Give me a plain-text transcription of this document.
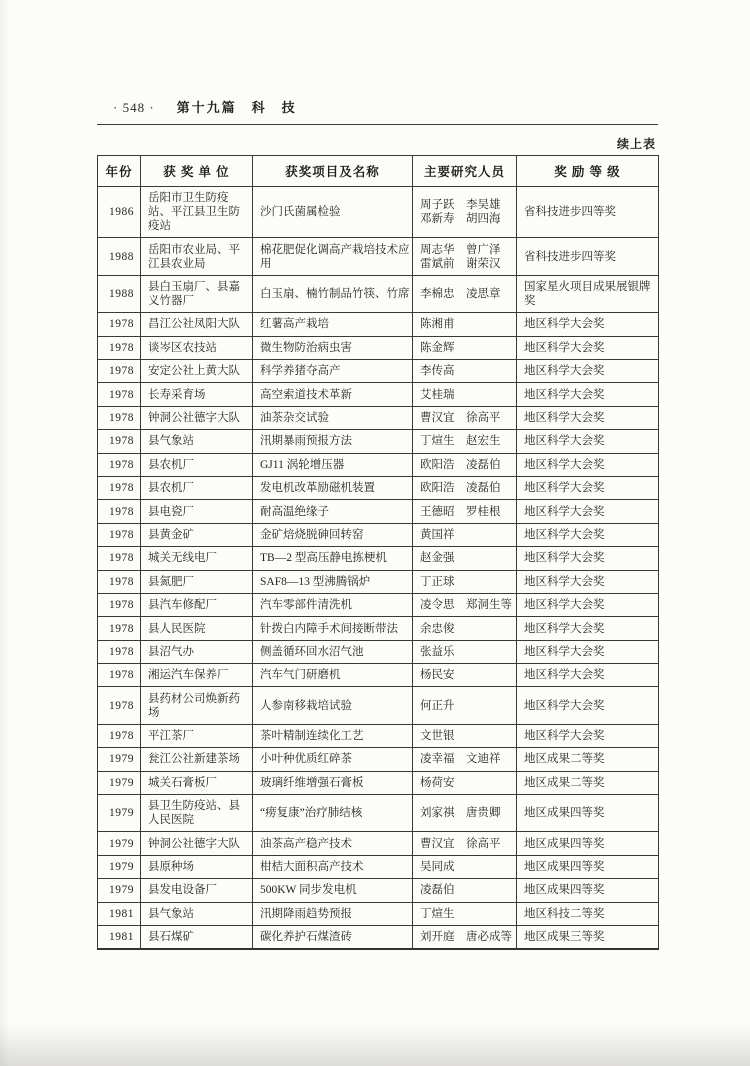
· 548 · 第十九篇　科　技
续上表
年份	获 奖 单 位	获奖项目及名称	主要研究人员	奖 励 等 级
1986	岳阳市卫生防疫站、平江县卫生防疫站	沙门氏菌属检验	周子跃　李吴雄　邓新寿　胡四海	省科技进步四等奖
1988	岳阳市农业局、平江县农业局	棉花肥促化调高产栽培技术应用	周志华　曾广泽　雷斌前　谢荣汉	省科技进步四等奖
1988	县白玉扇厂、县嘉义竹器厂	白玉扇、楠竹制品竹筷、竹席	李棉忠　凌思章	国家星火项目成果展银牌奖
1978	昌江公社凤阳大队	红薯高产栽培	陈湘甫	地区科学大会奖
1978	谈岑区农技站	微生物防治病虫害	陈金辉	地区科学大会奖
1978	安定公社上黄大队	科学养猪夺高产	李传高	地区科学大会奖
1978	长寿采育场	高空索道技术革新	艾桂瑞	地区科学大会奖
1978	钟洞公社德字大队	油茶杂交试验	曹汉宜　徐高平	地区科学大会奖
1978	县气象站	汛期暴雨预报方法	丁煊生　赵宏生	地区科学大会奖
1978	县农机厂	GJ11 涡轮增压器	欧阳浩　凌磊伯	地区科学大会奖
1978	县农机厂	发电机改革励磁机装置	欧阳浩　凌磊伯	地区科学大会奖
1978	县电瓷厂	耐高温绝缘子	王德昭　罗桂根	地区科学大会奖
1978	县黄金矿	金矿焙烧脱砷回转窑	黄国祥	地区科学大会奖
1978	城关无线电厂	TB—2 型高压静电拣梗机	赵金强	地区科学大会奖
1978	县氮肥厂	SAF8—13 型沸腾锅炉	丁正球	地区科学大会奖
1978	县汽车修配厂	汽车零部件清洗机	凌令思　郑洞生等	地区科学大会奖
1978	县人民医院	针拨白内障手术间接断带法	余忠俊	地区科学大会奖
1978	县沼气办	侧盖循环回水沼气池	张益乐	地区科学大会奖
1978	湘运汽车保养厂	汽车气门研磨机	杨民安	地区科学大会奖
1978	县药材公司焕新药场	人参南移栽培试验	何正升	地区科学大会奖
1978	平江茶厂	茶叶精制连续化工艺	文世银	地区科学大会奖
1979	瓮江公社新建茶场	小叶种优质红碎茶	凌幸福　文迪祥	地区成果二等奖
1979	城关石膏板厂	玻璃纤维增强石膏板	杨荷安	地区成果二等奖
1979	县卫生防疫站、县人民医院	“痨复康”治疗肺结核	刘家祺　唐贵卿	地区成果四等奖
1979	钟洞公社德字大队	油茶高产稳产技术	曹汉宜　徐高平	地区成果四等奖
1979	县原种场	柑桔大面积高产技术	吴同成	地区成果四等奖
1979	县发电设备厂	500KW 同步发电机	凌磊伯	地区成果四等奖
1981	县气象站	汛期降雨趋势预报	丁煊生	地区科技二等奖
1981	县石煤矿	碳化养护石煤渣砖	刘开庭　唐必成等	地区成果三等奖
